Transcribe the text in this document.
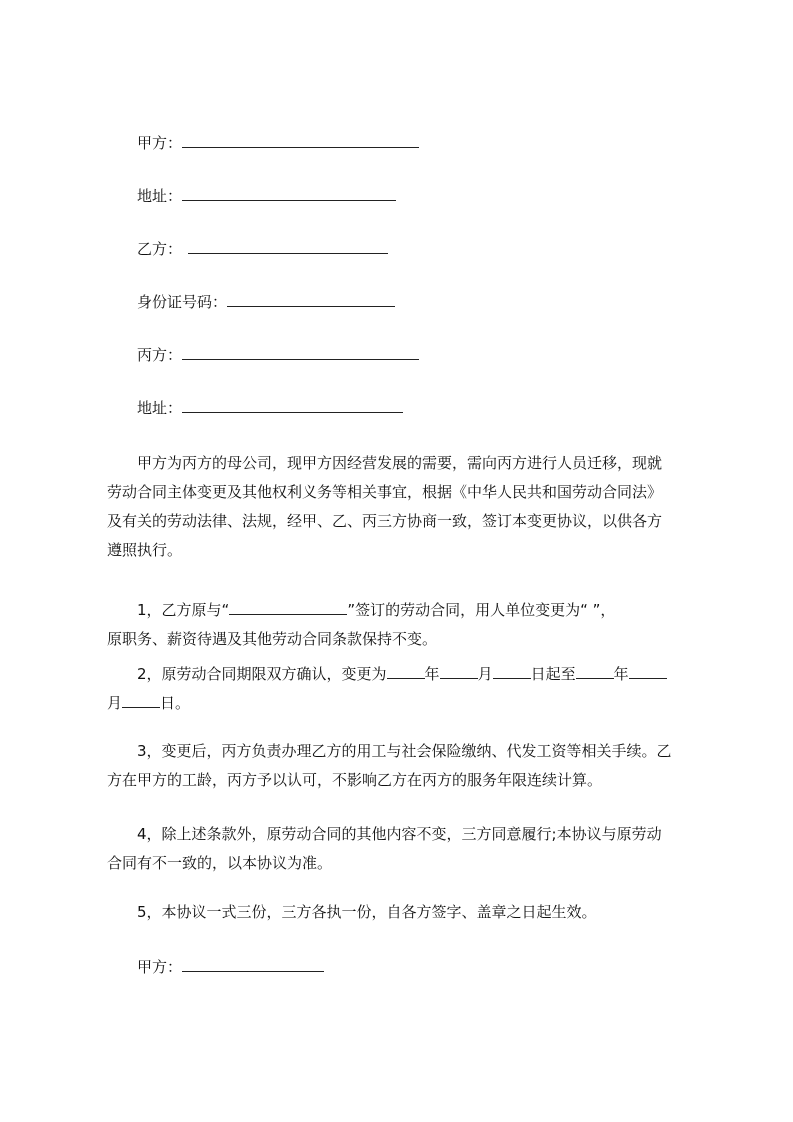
甲方：
地址：
乙方：
身份证号码：
丙方：
地址：
甲方为丙方的母公司，现甲方因经营发展的需要，需向丙方进行人员迁移，现就
劳动合同主体变更及其他权利义务等相关事宜，根据《中华人民共和国劳动合同法》
及有关的劳动法律、法规，经甲、乙、丙三方协商一致，签订本变更协议，以供各方
遵照执行。
1，乙方原与“	”签订的劳动合同，用人单位变更为“ ”，
原职务、薪资待遇及其他劳动合同条款保持不变。
2，原劳动合同期限双方确认，变更为	年	月	日起至	年
月	日。
3，变更后，丙方负责办理乙方的用工与社会保险缴纳、代发工资等相关手续。乙
方在甲方的工龄，丙方予以认可，不影响乙方在丙方的服务年限连续计算。
4，除上述条款外，原劳动合同的其他内容不变，三方同意履行;本协议与原劳动
合同有不一致的，以本协议为准。
5，本协议一式三份，三方各执一份，自各方签字、盖章之日起生效。
甲方：
